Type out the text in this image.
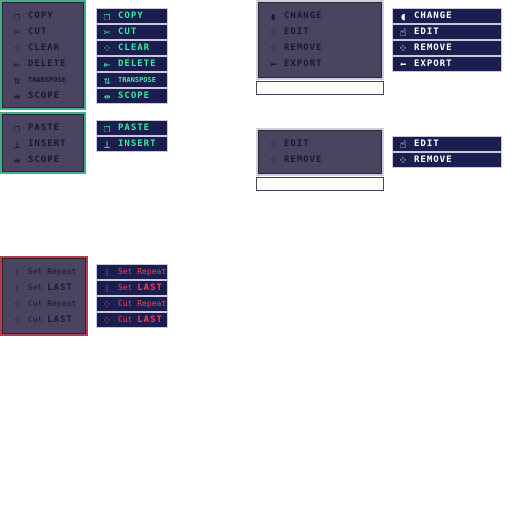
❐ COPY
✂ CUT
⁘ CLEAR
⇤ DELETE
⇅	TRANSPOSE
⇹ SCOPE
❐ COPY
✂ CUT
⁘ CLEAR
⇤ DELETE
⇅	TRANSPOSE
⇹ SCOPE
❐ PASTE
⊥ INSERT
⇹ SCOPE
❐ PASTE
⊥ INSERT
⁞	Set Repeat
⁞	Set LAST
⁘ Cut Repeat
⁘ Cut LAST
⁞	Set Repeat
⁞	Set LAST
⁘ Cut Repeat
⁘ Cut LAST
◖ CHANGE
☝ EDIT
⁘ REMOVE
⬅ EXPORT
◖ CHANGE
☝ EDIT
⁘ REMOVE
⬅ EXPORT
☝ EDIT
⁘ REMOVE
☝ EDIT
⁘ REMOVE
